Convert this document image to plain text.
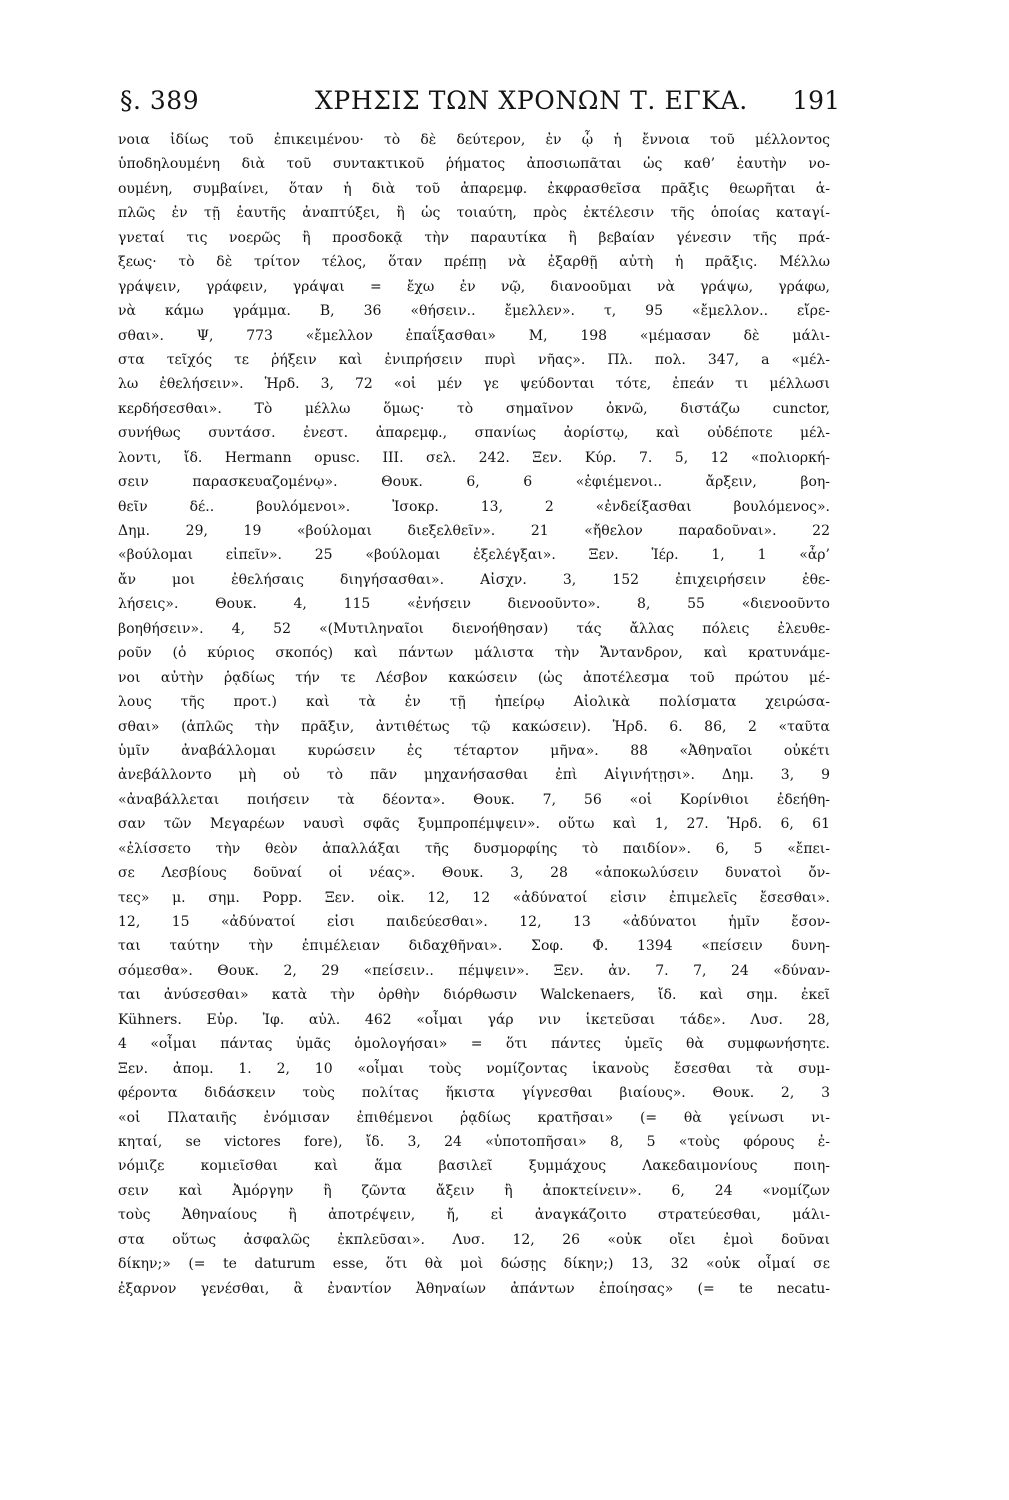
§. 389	ΧΡΗΣΙΣ ΤΩΝ ΧΡΟΝΩΝ Τ. ΕΓΚΑ. 191
νοια ἰδίως τοῦ ἐπικειμένου· τὸ δὲ δεύτερον, ἐν ᾧ ἡ ἔννοια τοῦ μέλλοντος
ὑποδηλουμένη διὰ τοῦ συντακτικοῦ ῥήματος ἀποσιωπᾶται ὡς καθ’ ἑαυτὴν νο-
ουμένη, συμβαίνει, ὅταν ἡ διὰ τοῦ ἀπαρεμφ. ἐκφρασθεῖσα πρᾶξις θεωρῆται ἁ-
πλῶς ἐν τῇ ἑαυτῆς ἀναπτύξει, ἢ ὡς τοιαύτη, πρὸς ἐκτέλεσιν τῆς ὁποίας καταγί-
γνεταί τις νοερῶς ἢ προσδοκᾷ τὴν παραυτίκα ἢ βεβαίαν γένεσιν τῆς πρά-
ξεως· τὸ δὲ τρίτον τέλος, ὅταν πρέπῃ νὰ ἐξαρθῇ αὐτὴ ἡ πρᾶξις. Μέλλω
γράψειν, γράφειν, γράψαι = ἔχω ἐν νῷ, διανοοῦμαι νὰ γράψω, γράφω,
νὰ κάμω γράμμα. Β, 36 «θήσειν.. ἔμελλεν». τ, 95 «ἔμελλον.. εἴρε-
σθαι». Ψ, 773 «ἔμελλον ἐπαΐξασθαι» Μ, 198 «μέμασαν δὲ μάλι-
στα τεῖχός τε ῥήξειν καὶ ἐνιπρήσειν πυρὶ νῆας». Πλ. πολ. 347, a «μέλ-
λω ἐθελήσειν». Ἡρδ. 3, 72 «οἱ μέν γε ψεύδονται τότε, ἐπεάν τι μέλλωσι
κερδήσεσθαι». Τὸ μέλλω ὅμως· τὸ σημαῖνον ὀκνῶ, διστάζω cunctor,
συνήθως συντάσσ. ἐνεστ. ἀπαρεμφ., σπανίως ἀορίστῳ, καὶ οὐδέποτε μέλ-
λοντι, ἴδ. Hermann opusc. III. σελ. 242. Ξεν. Κύρ. 7. 5, 12 «πολιορκή-
σειν παρασκευαζομένῳ». Θουκ. 6, 6 «ἐφιέμενοι.. ἄρξειν, βοη-
θεῖν δέ.. βουλόμενοι». Ἰσοκρ. 13, 2 «ἐνδείξασθαι βουλόμενος».
Δημ. 29, 19 «βούλομαι διεξελθεῖν». 21 «ἤθελον παραδοῦναι». 22
«βούλομαι εἰπεῖν». 25 «βούλομαι ἐξελέγξαι». Ξεν. Ἱέρ. 1, 1 «ἆρ’
ἄν μοι ἐθελήσαις διηγήσασθαι». Αἰσχν. 3, 152 ἐπιχειρήσειν ἐθε-
λήσεις». Θουκ. 4, 115 «ἐνήσειν διενοοῦντο». 8, 55 «διενοοῦντο
βοηθήσειν». 4, 52 «(Μυτιληναῖοι διενοήθησαν) τάς ἄλλας πόλεις ἐλευθε-
ροῦν (ὁ κύριος σκοπός) καὶ πάντων μάλιστα τὴν Ἄντανδρον, καὶ κρατυνάμε-
νοι αὐτὴν ῥᾳδίως τήν τε Λέσβον κακώσειν (ὡς ἀποτέλεσμα τοῦ πρώτου μέ-
λους τῆς προτ.) καὶ τὰ ἐν τῇ ἠπείρῳ Αἰολικὰ πολίσματα χειρώσα-
σθαι» (ἁπλῶς τὴν πρᾶξιν, ἀντιθέτως τῷ κακώσειν). Ἡρδ. 6. 86, 2 «ταῦτα
ὑμῖν ἀναβάλλομαι κυρώσειν ἐς τέταρτον μῆνα». 88 «Ἀθηναῖοι οὐκέτι
ἀνεβάλλοντο μὴ οὐ τὸ πᾶν μηχανήσασθαι ἐπὶ Αἰγινήτῃσι». Δημ. 3, 9
«ἀναβάλλεται ποιήσειν τὰ δέοντα». Θουκ. 7, 56 «οἱ Κορίνθιοι ἐδεήθη-
σαν τῶν Μεγαρέων ναυσὶ σφᾶς ξυμπροπέμψειν». οὕτω καὶ 1, 27. Ἡρδ. 6, 61
«ἐλίσσετο τὴν θεὸν ἀπαλλάξαι τῆς δυσμορφίης τὸ παιδίον». 6, 5 «ἔπει-
σε Λεσβίους δοῦναί οἱ νέας». Θουκ. 3, 28 «ἀποκωλύσειν δυνατοὶ ὄν-
τες» μ. σημ. Popp. Ξεν. οἰκ. 12, 12 «ἀδύνατοί εἰσιν ἐπιμελεῖς ἔσεσθαι».
12, 15 «ἀδύνατοί εἰσι παιδεύεσθαι». 12, 13 «ἀδύνατοι ἡμῖν ἔσον-
ται ταύτην τὴν ἐπιμέλειαν διδαχθῆναι». Σοφ. Φ. 1394 «πείσειν δυνη-
σόμεσθα». Θουκ. 2, 29 «πείσειν.. πέμψειν». Ξεν. ἀν. 7. 7, 24 «δύναν-
ται ἀνύσεσθαι» κατὰ τὴν ὀρθὴν διόρθωσιν Walckenaers, ἴδ. καὶ σημ. ἐκεῖ
Kühners. Εὐρ. Ἰφ. αὐλ. 462 «οἶμαι γάρ νιν ἱκετεῦσαι τάδε». Λυσ. 28,
4 «οἶμαι πάντας ὑμᾶς ὁμολογήσαι» = ὅτι πάντες ὑμεῖς θὰ συμφωνήσητε.
Ξεν. ἀπομ. 1. 2, 10 «οἶμαι τοὺς νομίζοντας ἱκανοὺς ἔσεσθαι τὰ συμ-
φέροντα διδάσκειν τοὺς πολίτας ἥκιστα γίγνεσθαι βιαίους». Θουκ. 2, 3
«οἱ Πλαταιῆς ἐνόμισαν ἐπιθέμενοι ῥᾳδίως κρατῆσαι» (= θὰ γείνωσι νι-
κηταί, se victores fore), ἴδ. 3, 24 «ὑποτοπῆσαι» 8, 5 «τοὺς φόρους ἐ-
νόμιζε κομιεῖσθαι καὶ ἅμα βασιλεῖ ξυμμάχους Λακεδαιμονίους ποιη-
σειν καὶ Ἀμόργην ἢ ζῶντα ἄξειν ἢ ἀποκτείνειν». 6, 24 «νομίζων
τοὺς Ἀθηναίους ἢ ἀποτρέψειν, ἤ, εἰ ἀναγκάζοιτο στρατεύεσθαι, μάλι-
στα οὕτως ἀσφαλῶς ἐκπλεῦσαι». Λυσ. 12, 26 «οὐκ οἴει ἐμοὶ δοῦναι
δίκην;» (= te daturum esse, ὅτι θὰ μοὶ δώσῃς δίκην;) 13, 32 «οὐκ οἶμαί σε
ἐξαρνον γενέσθαι, ἃ ἐναντίον Ἀθηναίων ἀπάντων ἐποίησας» (= te necatu-
